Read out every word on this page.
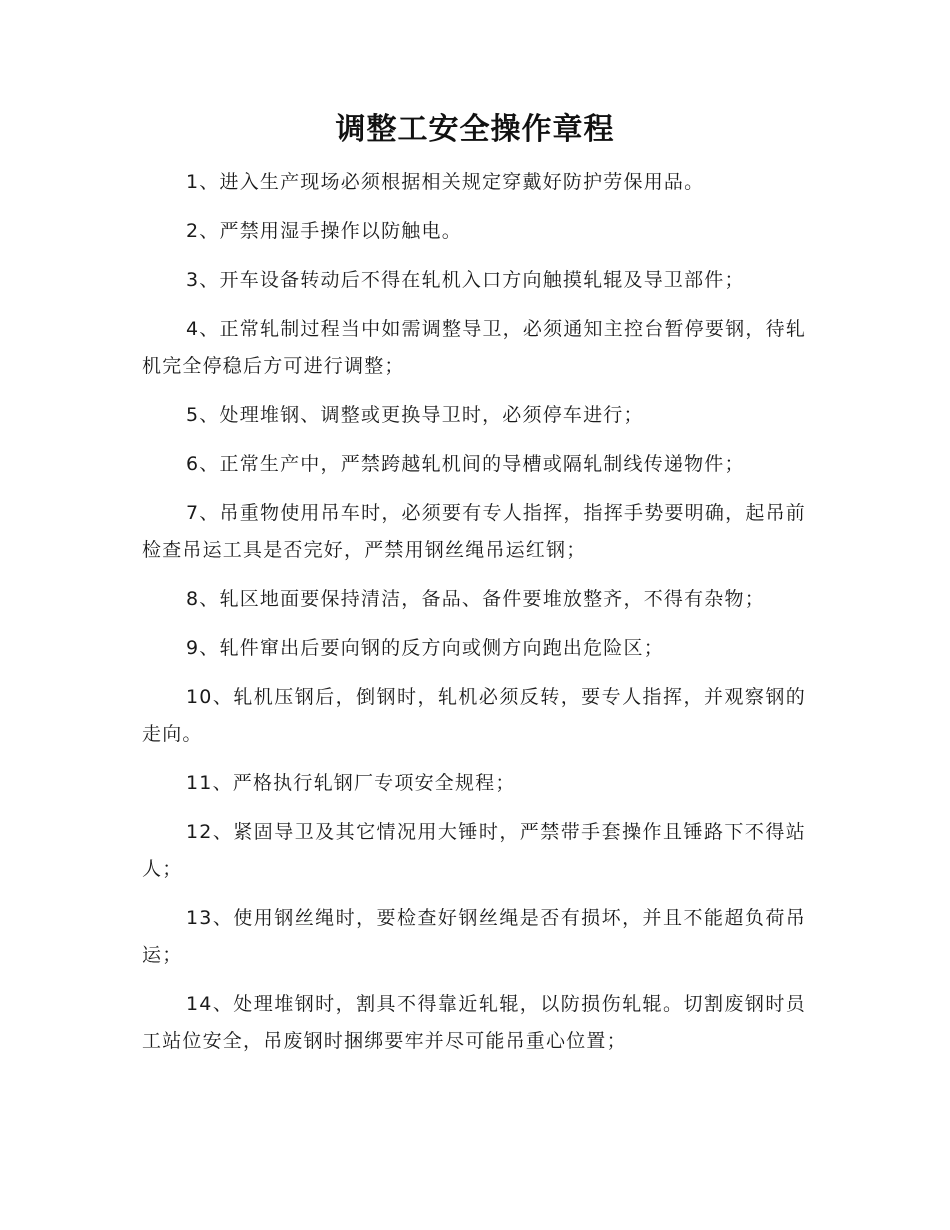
调整工安全操作章程

1、进入生产现场必须根据相关规定穿戴好防护劳保用品。

2、严禁用湿手操作以防触电。

3、开车设备转动后不得在轧机入口方向触摸轧辊及导卫部件；

4、正常轧制过程当中如需调整导卫，必须通知主控台暂停要钢，待轧机完全停稳后方可进行调整；

5、处理堆钢、调整或更换导卫时，必须停车进行；

6、正常生产中，严禁跨越轧机间的导槽或隔轧制线传递物件；

7、吊重物使用吊车时，必须要有专人指挥，指挥手势要明确，起吊前检查吊运工具是否完好，严禁用钢丝绳吊运红钢；

8、轧区地面要保持清洁，备品、备件要堆放整齐，不得有杂物；

9、轧件窜出后要向钢的反方向或侧方向跑出危险区；

10、轧机压钢后，倒钢时，轧机必须反转，要专人指挥，并观察钢的走向。

11、严格执行轧钢厂专项安全规程；

12、紧固导卫及其它情况用大锤时，严禁带手套操作且锤路下不得站人；

13、使用钢丝绳时，要检查好钢丝绳是否有损坏，并且不能超负荷吊运；

14、处理堆钢时，割具不得靠近轧辊，以防损伤轧辊。切割废钢时员工站位安全，吊废钢时捆绑要牢并尽可能吊重心位置；
